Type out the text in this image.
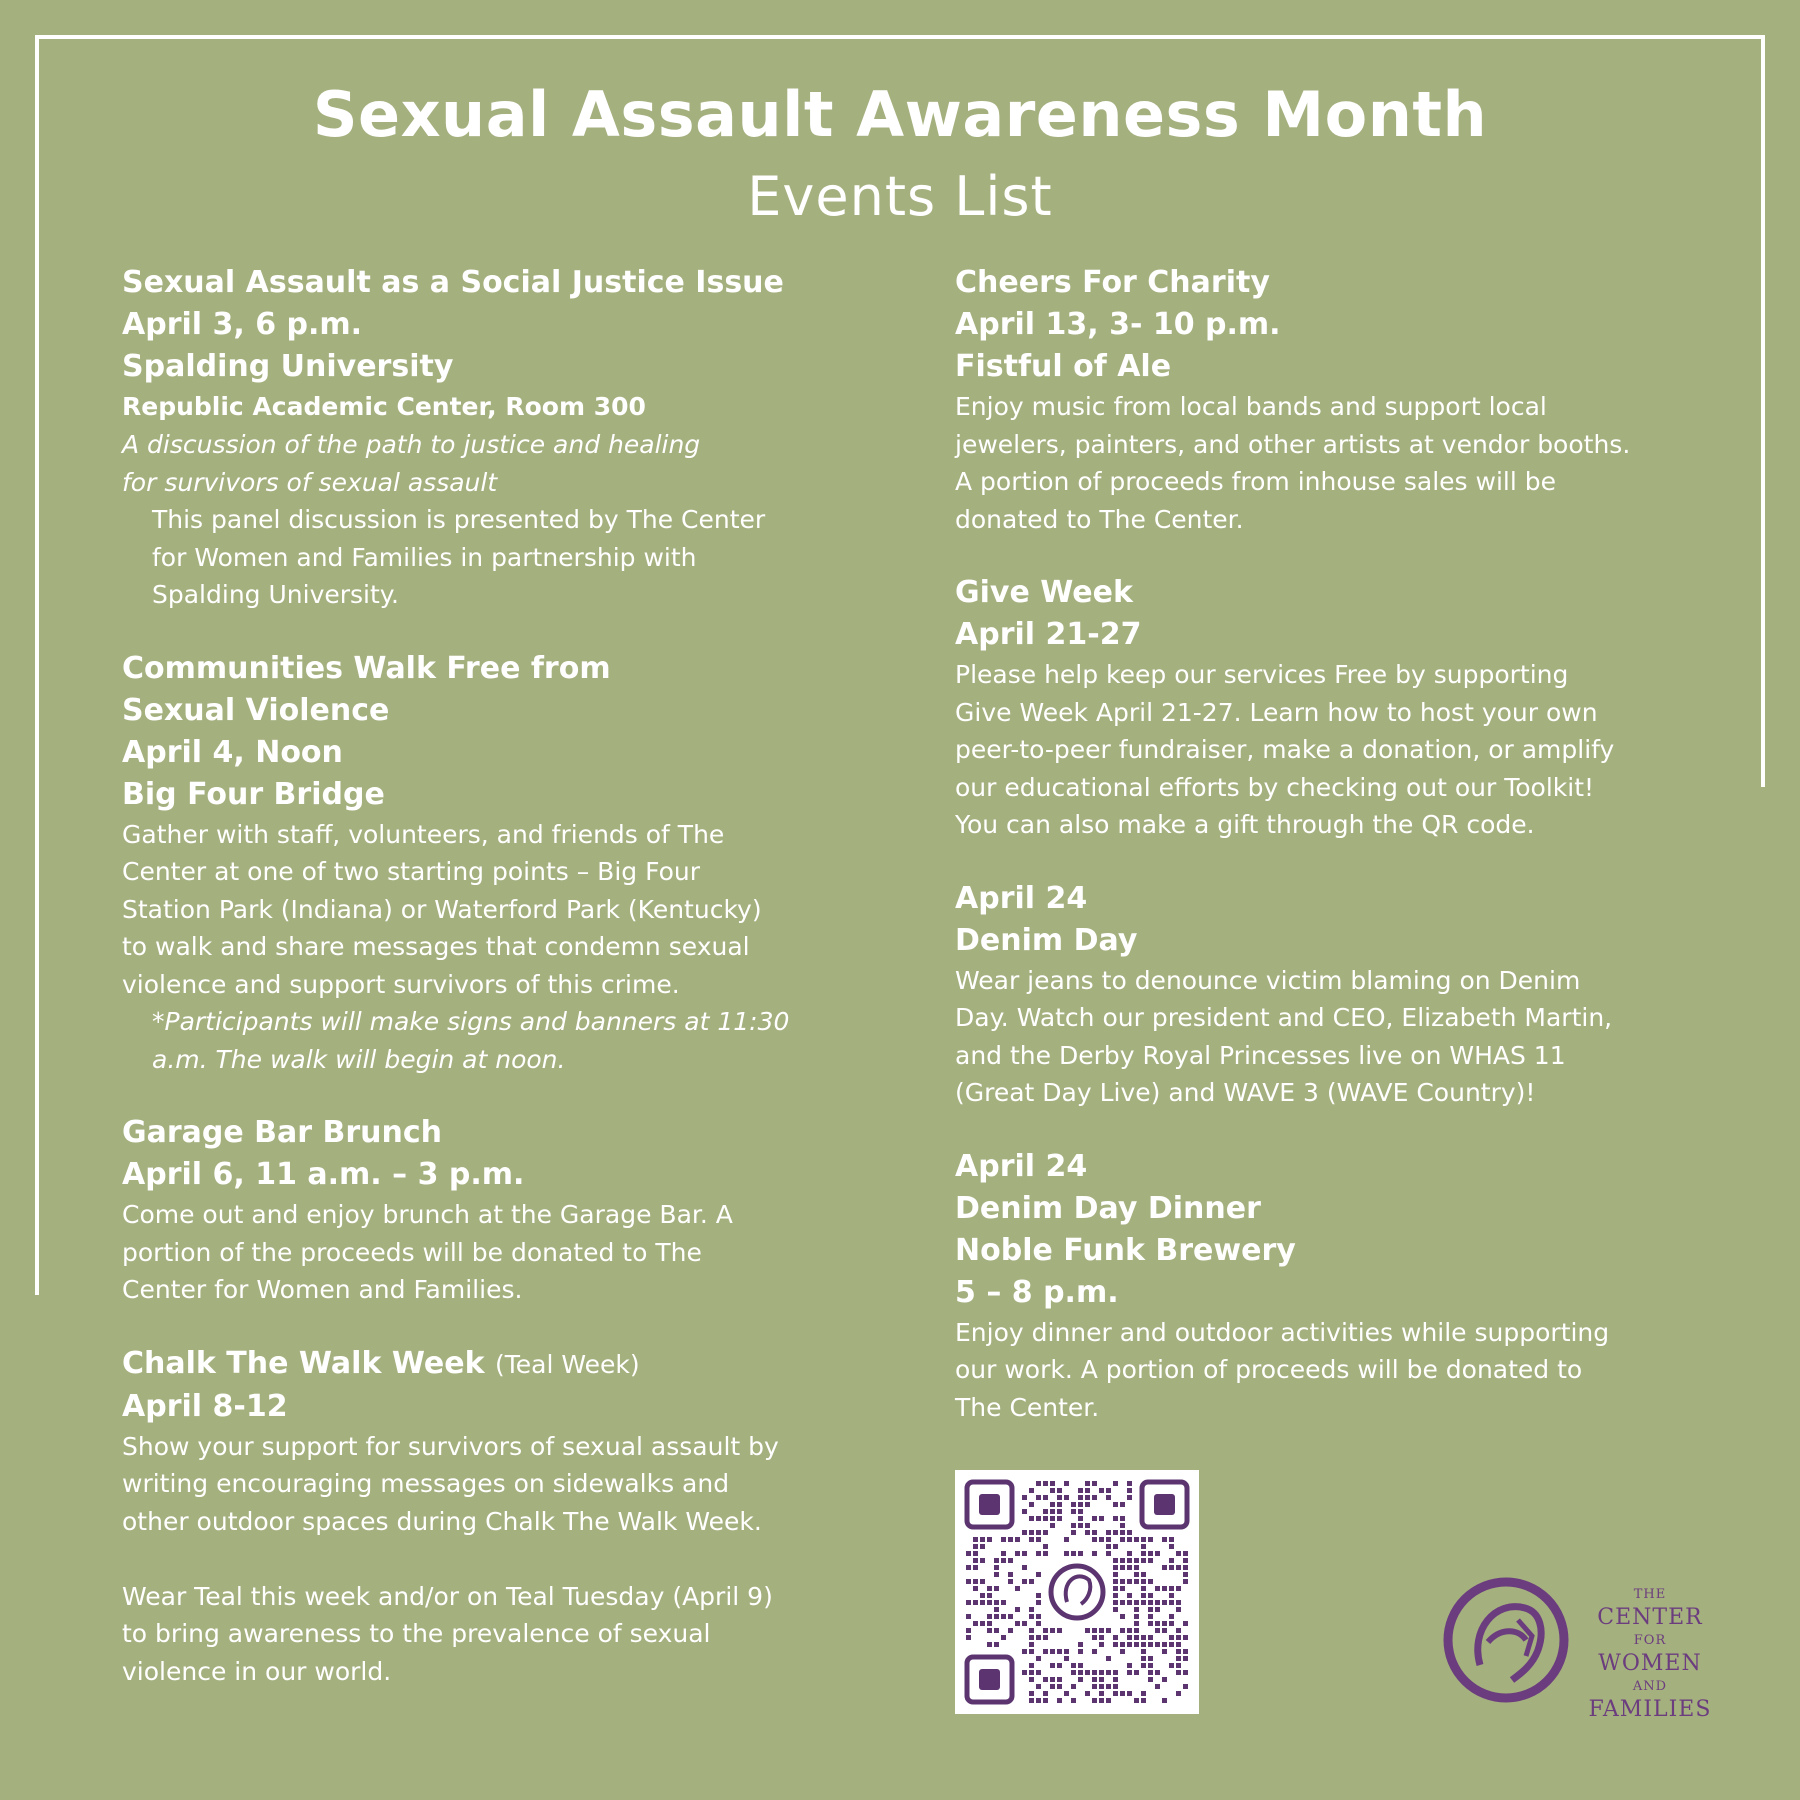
Sexual Assault Awareness Month
Events List
Sexual Assault as a Social Justice Issue
April 3, 6 p.m.
Spalding University
Republic Academic Center, Room 300
A discussion of the path to justice and healing
for survivors of sexual assault
This panel discussion is presented by The Center
for Women and Families in partnership with
Spalding University.
Communities Walk Free from
Sexual Violence
April 4, Noon
Big Four Bridge
Gather with staff, volunteers, and friends of The
Center at one of two starting points – Big Four
Station Park (Indiana) or Waterford Park (Kentucky)
to walk and share messages that condemn sexual
violence and support survivors of this crime.
*Participants will make signs and banners at 11:30
a.m. The walk will begin at noon.
Garage Bar Brunch
April 6, 11 a.m. – 3 p.m.
Come out and enjoy brunch at the Garage Bar. A
portion of the proceeds will be donated to The
Center for Women and Families.
Chalk The Walk Week (Teal Week)
April 8-12
Show your support for survivors of sexual assault by
writing encouraging messages on sidewalks and
other outdoor spaces during Chalk The Walk Week.
Wear Teal this week and/or on Teal Tuesday (April 9)
to bring awareness to the prevalence of sexual
violence in our world.
Cheers For Charity
April 13, 3- 10 p.m.
Fistful of Ale
Enjoy music from local bands and support local
jewelers, painters, and other artists at vendor booths.
A portion of proceeds from inhouse sales will be
donated to The Center.
Give Week
April 21-27
Please help keep our services Free by supporting
Give Week April 21-27. Learn how to host your own
peer-to-peer fundraiser, make a donation, or amplify
our educational efforts by checking out our Toolkit!
You can also make a gift through the QR code.
April 24
Denim Day
Wear jeans to denounce victim blaming on Denim
Day. Watch our president and CEO, Elizabeth Martin,
and the Derby Royal Princesses live on WHAS 11
(Great Day Live) and WAVE 3 (WAVE Country)!
April 24
Denim Day Dinner
Noble Funk Brewery
5 – 8 p.m.
Enjoy dinner and outdoor activities while supporting
our work. A portion of proceeds will be donated to
The Center.
THE
CENTER
FOR
WOMEN
AND
FAMILIES
